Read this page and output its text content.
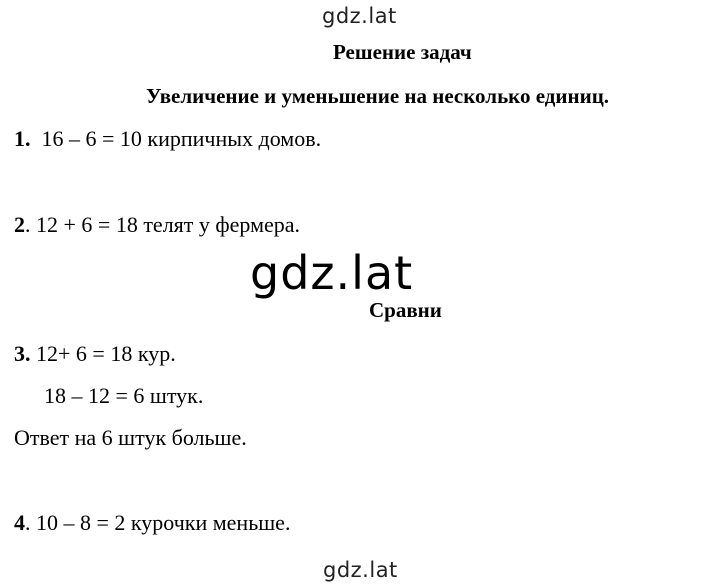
gdz.lat
Решение задач
Увеличение и уменьшение на несколько единиц.
1. 16 – 6 = 10 кирпичных домов.
2. 12 + 6 = 18 телят у фермера.
gdz.lat
Сравни
3. 12+ 6 = 18 кур.
18 – 12 = 6 штук.
Ответ на 6 штук больше.
4. 10 – 8 = 2 курочки меньше.
gdz.lat
